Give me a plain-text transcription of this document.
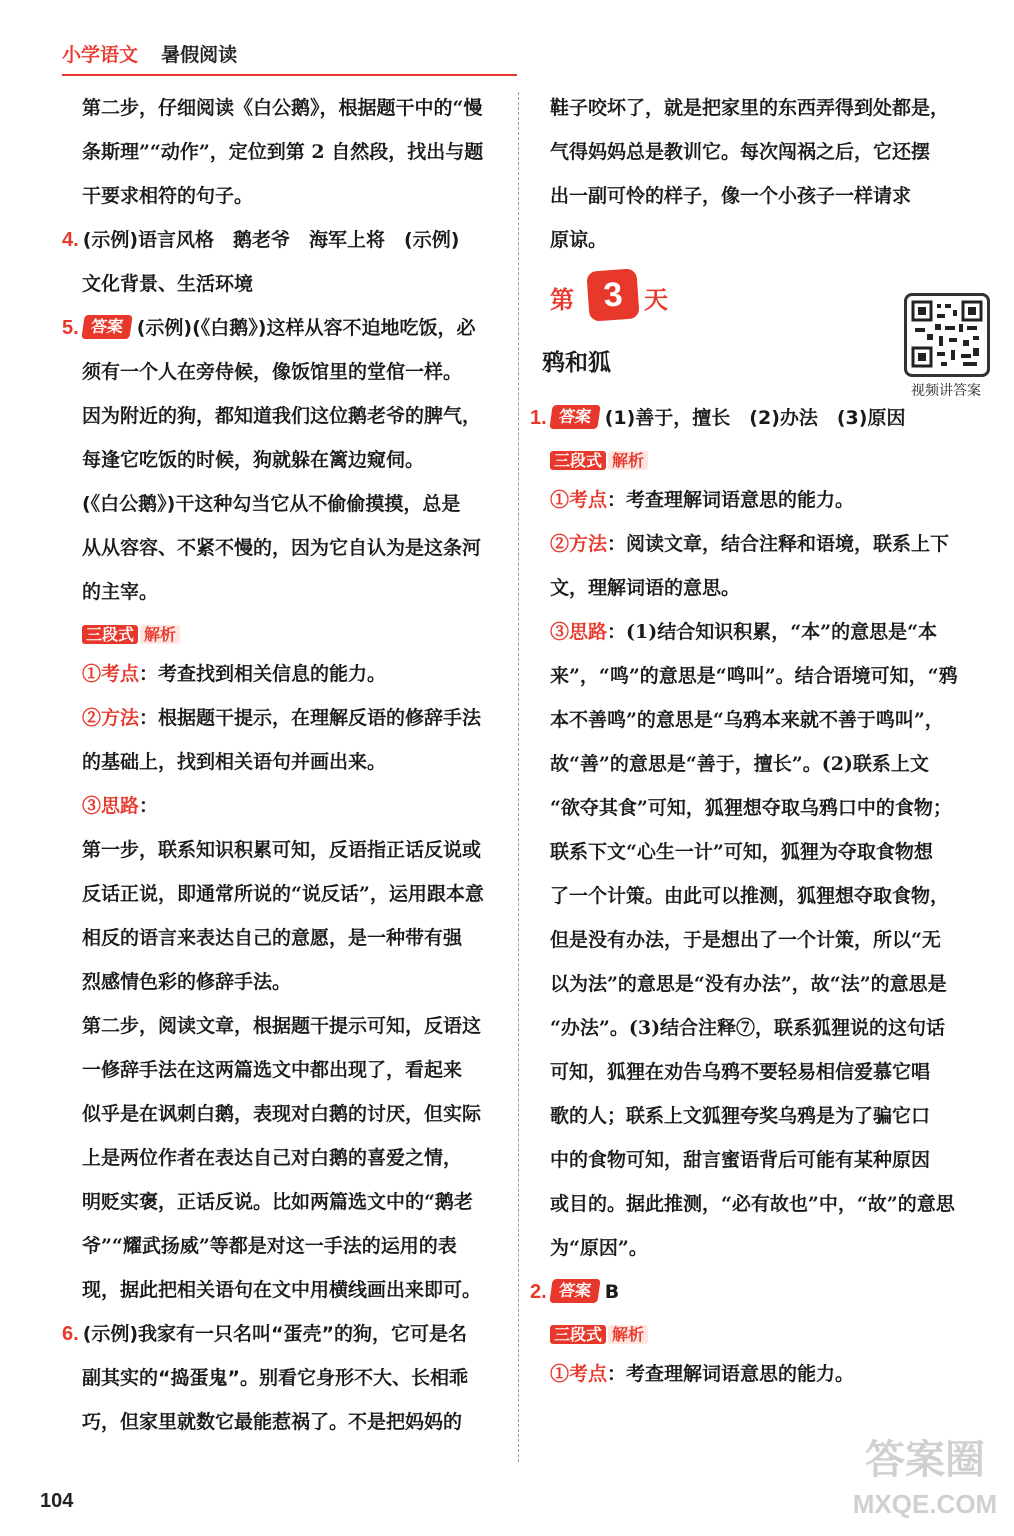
小学语文 暑假阅读

第二步，仔细阅读《白公鹅》，根据题干中的“慢

条斯理”“动作”，定位到第 2 自然段，找出与题

干要求相符的句子。

4. (示例)语言风格　鹅老爷　海军上将　(示例)

文化背景、生活环境

5. 答案 (示例)(《白鹅》)这样从容不迫地吃饭，必

须有一个人在旁侍候，像饭馆里的堂倌一样。

因为附近的狗，都知道我们这位鹅老爷的脾气，

每逢它吃饭的时候，狗就躲在篱边窥伺。

(《白公鹅》)干这种勾当它从不偷偷摸摸，总是

从从容容、不紧不慢的，因为它自认为是这条河

的主宰。

三段式 解析

①考点：考查找到相关信息的能力。

②方法：根据题干提示，在理解反语的修辞手法

的基础上，找到相关语句并画出来。

③思路：

第一步，联系知识积累可知，反语指正话反说或

反话正说，即通常所说的“说反话”，运用跟本意

相反的语言来表达自己的意愿，是一种带有强

烈感情色彩的修辞手法。

第二步，阅读文章，根据题干提示可知，反语这

一修辞手法在这两篇选文中都出现了，看起来

似乎是在讽刺白鹅，表现对白鹅的讨厌，但实际

上是两位作者在表达自己对白鹅的喜爱之情，

明贬实褒，正话反说。比如两篇选文中的“鹅老

爷”“耀武扬威”等都是对这一手法的运用的表

现，据此把相关语句在文中用横线画出来即可。

6. (示例)我家有一只名叫“蛋壳”的狗，它可是名

副其实的“捣蛋鬼”。别看它身形不大、长相乖

巧，但家里就数它最能惹祸了。不是把妈妈的

鞋子咬坏了，就是把家里的东西弄得到处都是，

气得妈妈总是教训它。每次闯祸之后，它还摆

出一副可怜的样子，像一个小孩子一样请求

原谅。

第 3 天
鸦和狐

1. 答案 (1)善于，擅长　(2)办法　(3)原因

三段式 解析

①考点：考查理解词语意思的能力。

②方法：阅读文章，结合注释和语境，联系上下

文，理解词语的意思。

③思路：(1)结合知识积累，“本”的意思是“本

来”，“鸣”的意思是“鸣叫”。结合语境可知，“鸦

本不善鸣”的意思是“乌鸦本来就不善于鸣叫”，

故“善”的意思是“善于，擅长”。(2)联系上文

“欲夺其食”可知，狐狸想夺取乌鸦口中的食物；

联系下文“心生一计”可知，狐狸为夺取食物想

了一个计策。由此可以推测，狐狸想夺取食物，

但是没有办法，于是想出了一个计策，所以“无

以为法”的意思是“没有办法”，故“法”的意思是

“办法”。(3)结合注释⑦，联系狐狸说的这句话

可知，狐狸在劝告乌鸦不要轻易相信爱慕它唱

歌的人；联系上文狐狸夸奖乌鸦是为了骗它口

中的食物可知，甜言蜜语背后可能有某种原因

或目的。据此推测，“必有故也”中，“故”的意思

为“原因”。

2. 答案 B

三段式 解析

①考点：考查理解词语意思的能力。

视频讲答案
104
答案圈
MXQE.COM
